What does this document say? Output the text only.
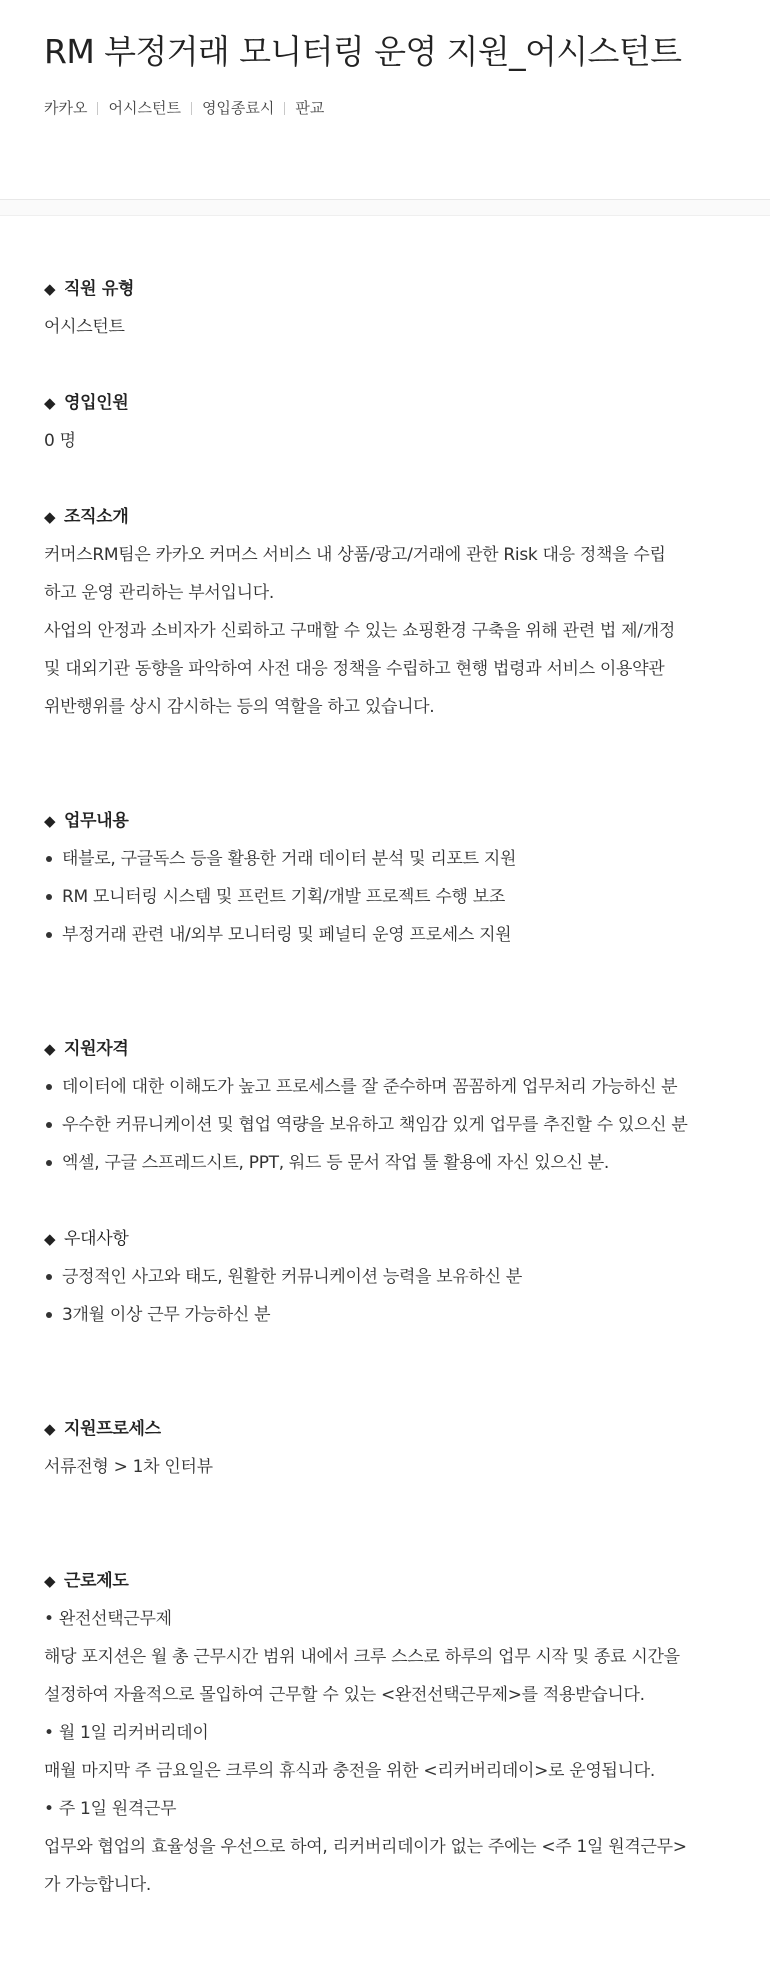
RM 부정거래 모니터링 운영 지원_어시스턴트
카카오 어시스턴트 영입종료시 판교
◆ 직원 유형
어시스턴트
◆ 영입인원
0 명
◆ 조직소개
커머스RM팀은 카카오 커머스 서비스 내 상품/광고/거래에 관한 Risk 대응 정책을 수립
하고 운영 관리하는 부서입니다.
사업의 안정과 소비자가 신뢰하고 구매할 수 있는 쇼핑환경 구축을 위해 관련 법 제/개정
및 대외기관 동향을 파악하여 사전 대응 정책을 수립하고 현행 법령과 서비스 이용약관
위반행위를 상시 감시하는 등의 역할을 하고 있습니다.
◆ 업무내용
태블로, 구글독스 등을 활용한 거래 데이터 분석 및 리포트 지원
RM 모니터링 시스템 및 프런트 기획/개발 프로젝트 수행 보조
부정거래 관련 내/외부 모니터링 및 페널티 운영 프로세스 지원
◆ 지원자격
데이터에 대한 이해도가 높고 프로세스를 잘 준수하며 꼼꼼하게 업무처리 가능하신 분
우수한 커뮤니케이션 및 협업 역량을 보유하고 책임감 있게 업무를 추진할 수 있으신 분
엑셀, 구글 스프레드시트, PPT, 워드 등 문서 작업 툴 활용에 자신 있으신 분.
◆ 우대사항
긍정적인 사고와 태도, 원활한 커뮤니케이션 능력을 보유하신 분
3개월 이상 근무 가능하신 분
◆ 지원프로세스
서류전형 > 1차 인터뷰
◆ 근로제도
• 완전선택근무제
해당 포지션은 월 총 근무시간 범위 내에서 크루 스스로 하루의 업무 시작 및 종료 시간을
설정하여 자율적으로 몰입하여 근무할 수 있는 <완전선택근무제>를 적용받습니다.
• 월 1일 리커버리데이
매월 마지막 주 금요일은 크루의 휴식과 충전을 위한 <리커버리데이>로 운영됩니다.
• 주 1일 원격근무
업무와 협업의 효율성을 우선으로 하여, 리커버리데이가 없는 주에는 <주 1일 원격근무>
가 가능합니다.
